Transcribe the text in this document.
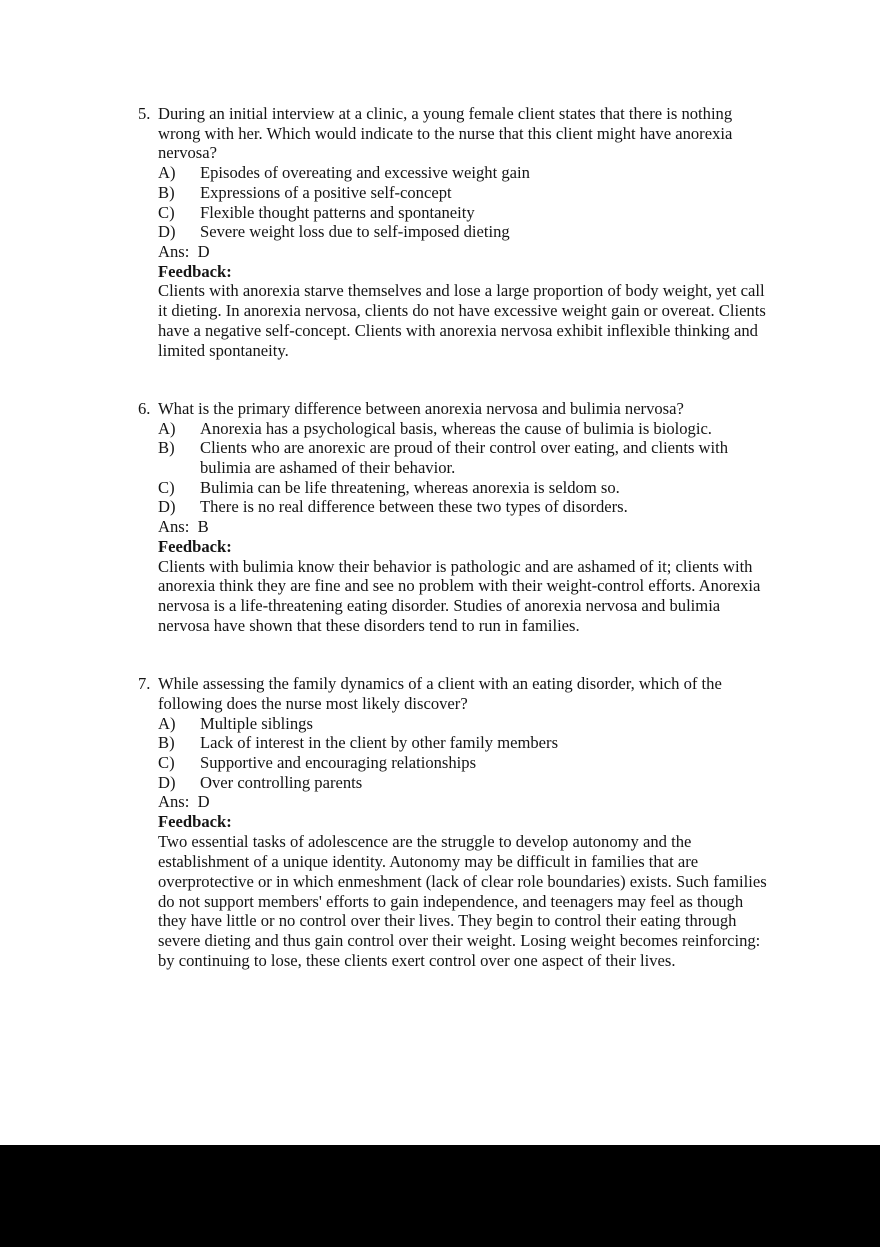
5. During an initial interview at a clinic, a young female client states that there is nothing wrong with her. Which would indicate to the nurse that this client might have anorexia nervosa?
A) Episodes of overeating and excessive weight gain
B) Expressions of a positive self-concept
C) Flexible thought patterns and spontaneity
D) Severe weight loss due to self-imposed dieting
Ans:  D
Feedback:
Clients with anorexia starve themselves and lose a large proportion of body weight, yet call it dieting. In anorexia nervosa, clients do not have excessive weight gain or overeat. Clients have a negative self-concept. Clients with anorexia nervosa exhibit inflexible thinking and limited spontaneity.
6. What is the primary difference between anorexia nervosa and bulimia nervosa?
A) Anorexia has a psychological basis, whereas the cause of bulimia is biologic.
B) Clients who are anorexic are proud of their control over eating, and clients with bulimia are ashamed of their behavior.
C) Bulimia can be life threatening, whereas anorexia is seldom so.
D) There is no real difference between these two types of disorders.
Ans:  B
Feedback:
Clients with bulimia know their behavior is pathologic and are ashamed of it; clients with anorexia think they are fine and see no problem with their weight-control efforts. Anorexia nervosa is a life-threatening eating disorder. Studies of anorexia nervosa and bulimia nervosa have shown that these disorders tend to run in families.
7. While assessing the family dynamics of a client with an eating disorder, which of the following does the nurse most likely discover?
A) Multiple siblings
B) Lack of interest in the client by other family members
C) Supportive and encouraging relationships
D) Over controlling parents
Ans:  D
Feedback:
Two essential tasks of adolescence are the struggle to develop autonomy and the establishment of a unique identity. Autonomy may be difficult in families that are overprotective or in which enmeshment (lack of clear role boundaries) exists. Such families do not support members' efforts to gain independence, and teenagers may feel as though they have little or no control over their lives. They begin to control their eating through severe dieting and thus gain control over their weight. Losing weight becomes reinforcing: by continuing to lose, these clients exert control over one aspect of their lives.
